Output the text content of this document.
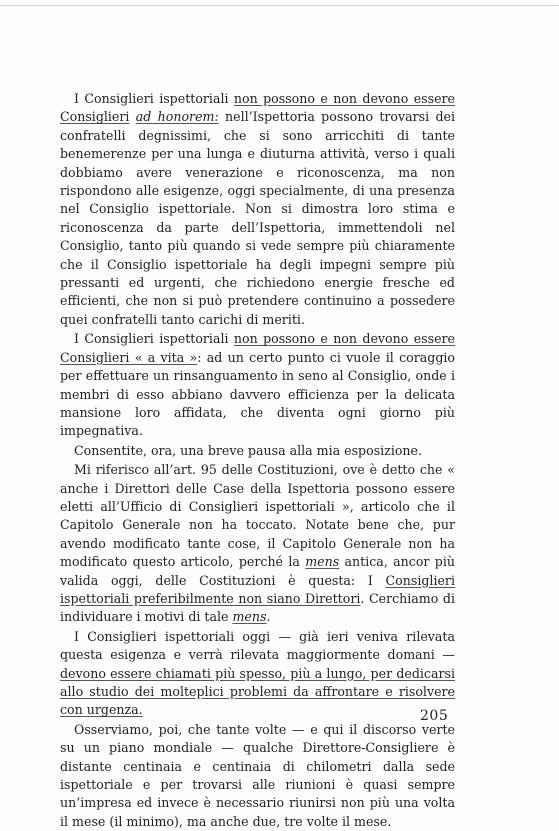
I Consiglieri ispettoriali non possono e non devono essere Consiglieri ad honorem: nell’Ispettoria possono trovarsi dei confratelli degnissimi, che si sono arricchiti di tante benemerenze per una lunga e diuturna attività, verso i quali dobbiamo avere venerazione e riconoscenza, ma non rispondono alle esigenze, oggi specialmente, di una presenza nel Consiglio ispettoriale. Non si dimostra loro stima e riconoscenza da parte dell’Ispettoria, immettendoli nel Consiglio, tanto più quando si vede sempre più chiaramente che il Consiglio ispettoriale ha degli impegni sempre più pressanti ed urgenti, che richiedono energie fresche ed efficienti, che non si può pretendere continuino a possedere quei confratelli tanto carichi di meriti.

I Consiglieri ispettoriali non possono e non devono essere Consiglieri « a vita »: ad un certo punto ci vuole il coraggio per effettuare un rinsanguamento in seno al Consiglio, onde i membri di esso abbiano davvero efficienza per la delicata mansione loro affidata, che diventa ogni giorno più impegnativa.

Consentite, ora, una breve pausa alla mia esposizione.

Mi riferisco all’art. 95 delle Costituzioni, ove è detto che « anche i Direttori delle Case della Ispettoria possono essere eletti all’Ufficio di Consiglieri ispettoriali », articolo che il Capitolo Generale non ha toccato. Notate bene che, pur avendo modificato tante cose, il Capitolo Generale non ha modificato questo articolo, perché la mens antica, ancor più valida oggi, delle Costituzioni è questa: I Consiglieri ispettoriali preferibilmente non siano Direttori. Cerchiamo di individuare i motivi di tale mens.

I Consiglieri ispettoriali oggi — già ieri veniva rilevata questa esigenza e verrà rilevata maggiormente domani — devono essere chiamati più spesso, più a lungo, per dedicarsi allo studio dei molteplici problemi da affrontare e risolvere con urgenza.

Osserviamo, poi, che tante volte — e qui il discorso verte su un piano mondiale — qualche Direttore-Consigliere è distante centinaia e centinaia di chilometri dalla sede ispettoriale e per trovarsi alle riunioni è quasi sempre un’impresa ed invece è necessario riunirsi non più una volta il mese (il minimo), ma anche due, tre volte il mese.

205
